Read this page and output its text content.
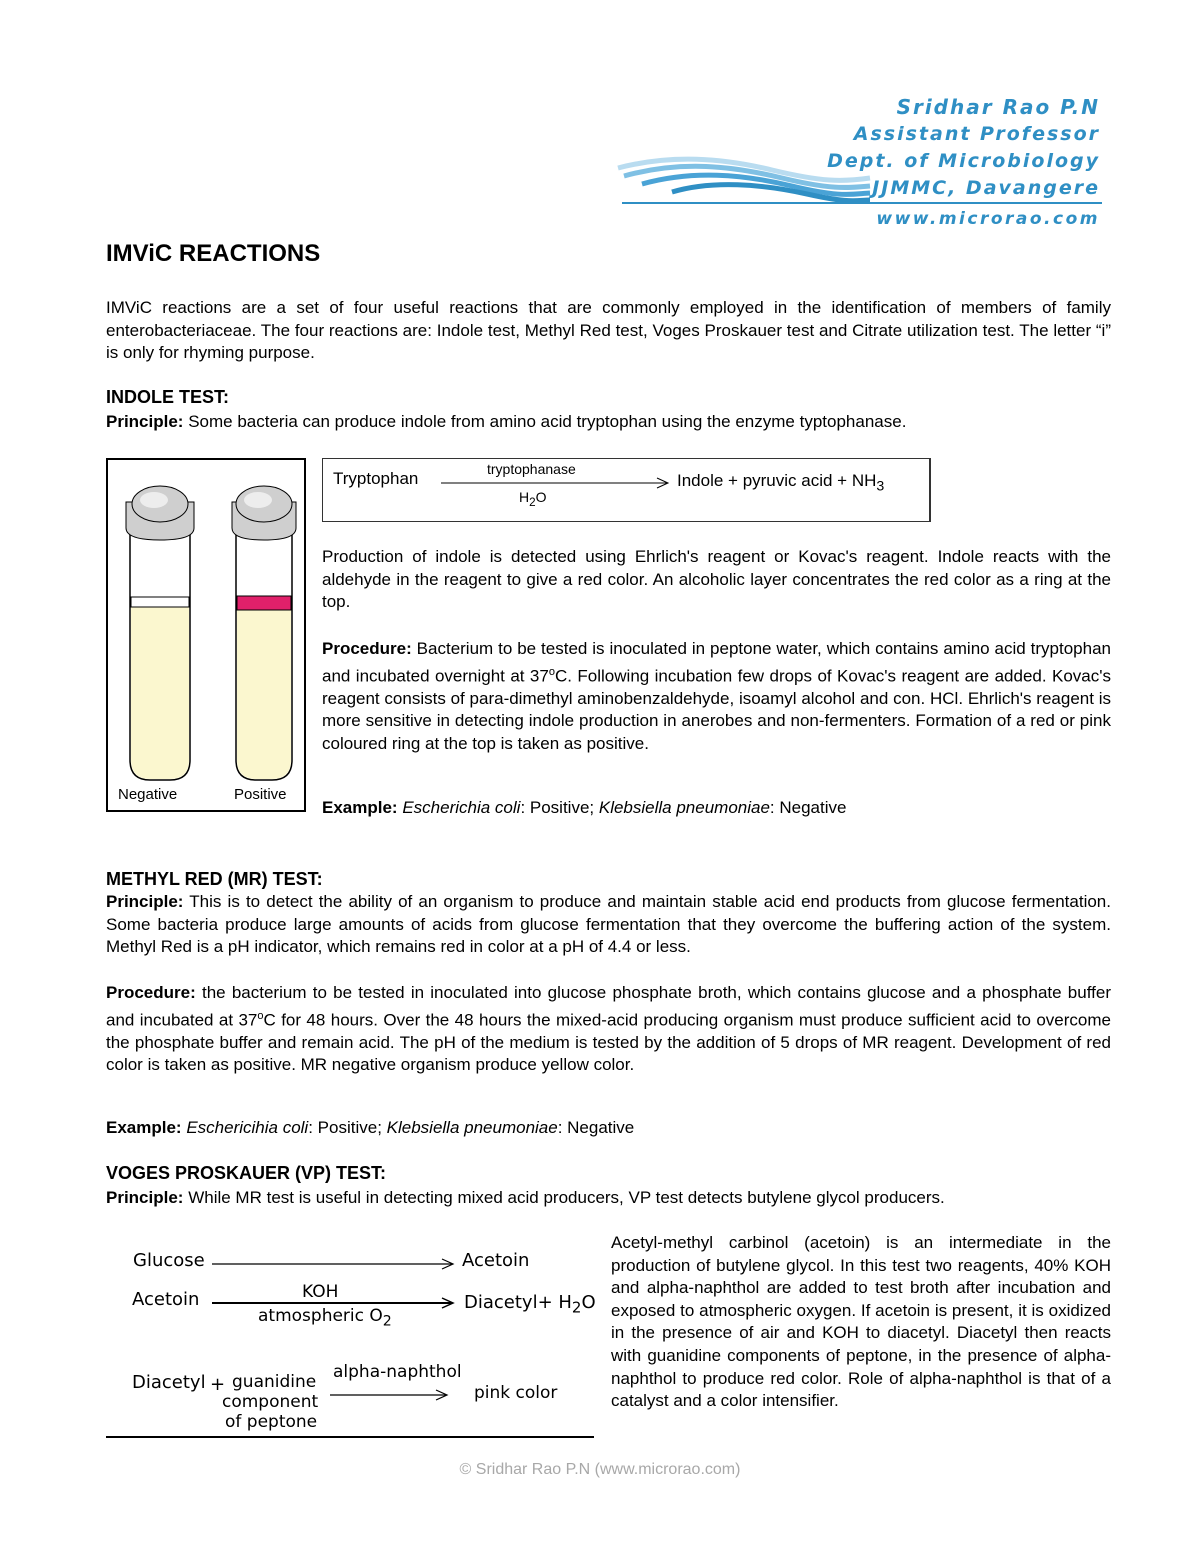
Sridhar Rao P.N
Assistant Professor
Dept. of Microbiology
JJMMC, Davangere
www.microrao.com
IMViC REACTIONS
IMViC reactions are a set of four useful reactions that are commonly employed in the identification of members of family enterobacteriaceae. The four reactions are: Indole test, Methyl Red test, Voges Proskauer test and Citrate utilization test. The letter “i” is only for rhyming purpose.
INDOLE TEST:
Principle: Some bacteria can produce indole from amino acid tryptophan using the enzyme typtophanase.
Negative	Positive
Tryptophan	tryptophanase
$H_2O$
Indole + pyruvic acid + $NH_3$
Production of indole is detected using Ehrlich's reagent or Kovac's reagent. Indole reacts with the aldehyde in the reagent to give a red color. An alcoholic layer concentrates the red color as a ring at the top.
Procedure: Bacterium to be tested is inoculated in peptone water, which contains amino acid tryptophan and incubated overnight at 37$^o$C. Following incubation few drops of Kovac's reagent are added. Kovac's reagent consists of para-dimethyl aminobenzaldehyde, isoamyl alcohol and con. HCl. Ehrlich's reagent is more sensitive in detecting indole production in anerobes and non-fermenters. Formation of a red or pink coloured ring at the top is taken as positive.
Example: Escherichia coli: Positive; Klebsiella pneumoniae: Negative
METHYL RED (MR) TEST:
Principle: This is to detect the ability of an organism to produce and maintain stable acid end products from glucose fermentation. Some bacteria produce large amounts of acids from glucose fermentation that they overcome the buffering action of the system. Methyl Red is a pH indicator, which remains red in color at a pH of 4.4 or less.
Procedure: the bacterium to be tested in inoculated into glucose phosphate broth, which contains glucose and a phosphate buffer and incubated at 37$^o$C for 48 hours. Over the 48 hours the mixed-acid producing organism must produce sufficient acid to overcome the phosphate buffer and remain acid. The pH of the medium is tested by the addition of 5 drops of MR reagent. Development of red color is taken as positive. MR negative organism produce yellow color.
Example: Eschericihia coli: Positive; Klebsiella pneumoniae: Negative
VOGES PROSKAUER (VP) TEST:
Principle: While MR test is useful in detecting mixed acid producers, VP test detects butylene glycol producers.
Glucose	Acetoin
Acetoin	KOH
atmospheric $O_2$
Diacetyl+ $H_2O$
Diacetyl + guanidine
component
of peptone
alpha-naphthol
pink color
Acetyl-methyl carbinol (acetoin) is an intermediate in the production of butylene glycol. In this test two reagents, 40% KOH and alpha-naphthol are added to test broth after incubation and exposed to atmospheric oxygen. If acetoin is present, it is oxidized in the presence of air and KOH to diacetyl. Diacetyl then reacts with guanidine components of peptone, in the presence of alpha-naphthol to produce red color. Role of alpha-naphthol is that of a catalyst and a color intensifier.
© Sridhar Rao P.N (www.microrao.com)
